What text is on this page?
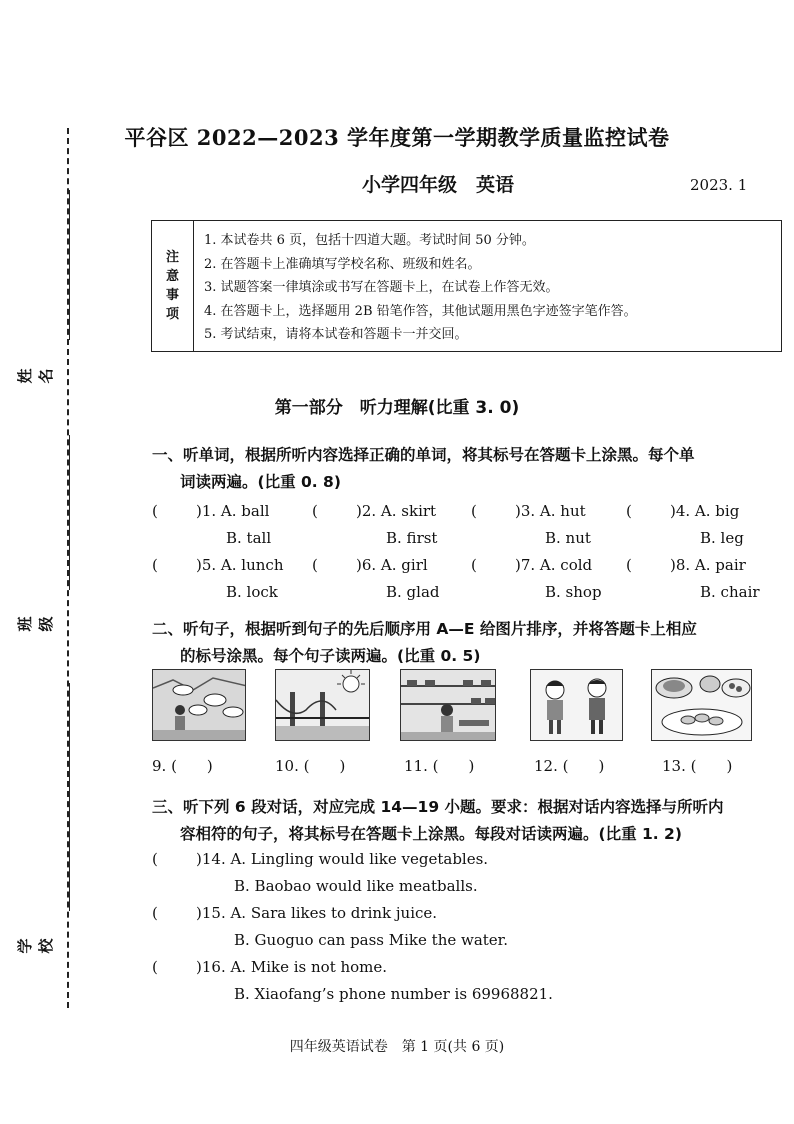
姓名
班级
学校
平谷区 2022—2023 学年度第一学期教学质量监控试卷
小学四年级　英语	2023. 1
注
意
事
项
1. 本试卷共 6 页，包括十四道大题。考试时间 50 分钟。
2. 在答题卡上准确填写学校名称、班级和姓名。
3. 试题答案一律填涂或书写在答题卡上，在试卷上作答无效。
4. 在答题卡上，选择题用 2B 铅笔作答，其他试题用黑色字迹签字笔作答。
5. 考试结束，请将本试卷和答题卡一并交回。
第一部分　听力理解(比重 3. 0)
一、听单词，根据所听内容选择正确的单词，将其标号在答题卡上涂黑。每个单
词读两遍。(比重 0. 8)
(	)1. A. ball
B. tall
(	)2. A. skirt
B. first
(	)3. A. hut
B. nut
(	)4. A. big
B. leg
(	)5. A. lunch
B. lock
(	)6. A. girl
B. glad
(	)7. A. cold
B. shop
(	)8. A. pair
B. chair
二、听句子，根据听到句子的先后顺序用 A—E 给图片排序，并将答题卡上相应
的标号涂黑。每个句子读两遍。(比重 0. 5)
9. (　　)	10. (　　)	11. (　　)	12. (　　)	13. (　　)
三、听下列 6 段对话，对应完成 14—19 小题。要求：根据对话内容选择与所听内
容相符的句子，将其标号在答题卡上涂黑。每段对话读两遍。(比重 1. 2)
(	)14. A. Lingling would like vegetables.
B. Baobao would like meatballs.
(	)15. A. Sara likes to drink juice.
B. Guoguo can pass Mike the water.
(	)16. A. Mike is not home.
B. Xiaofang’s phone number is 69968821.
四年级英语试卷　第 1 页(共 6 页)
